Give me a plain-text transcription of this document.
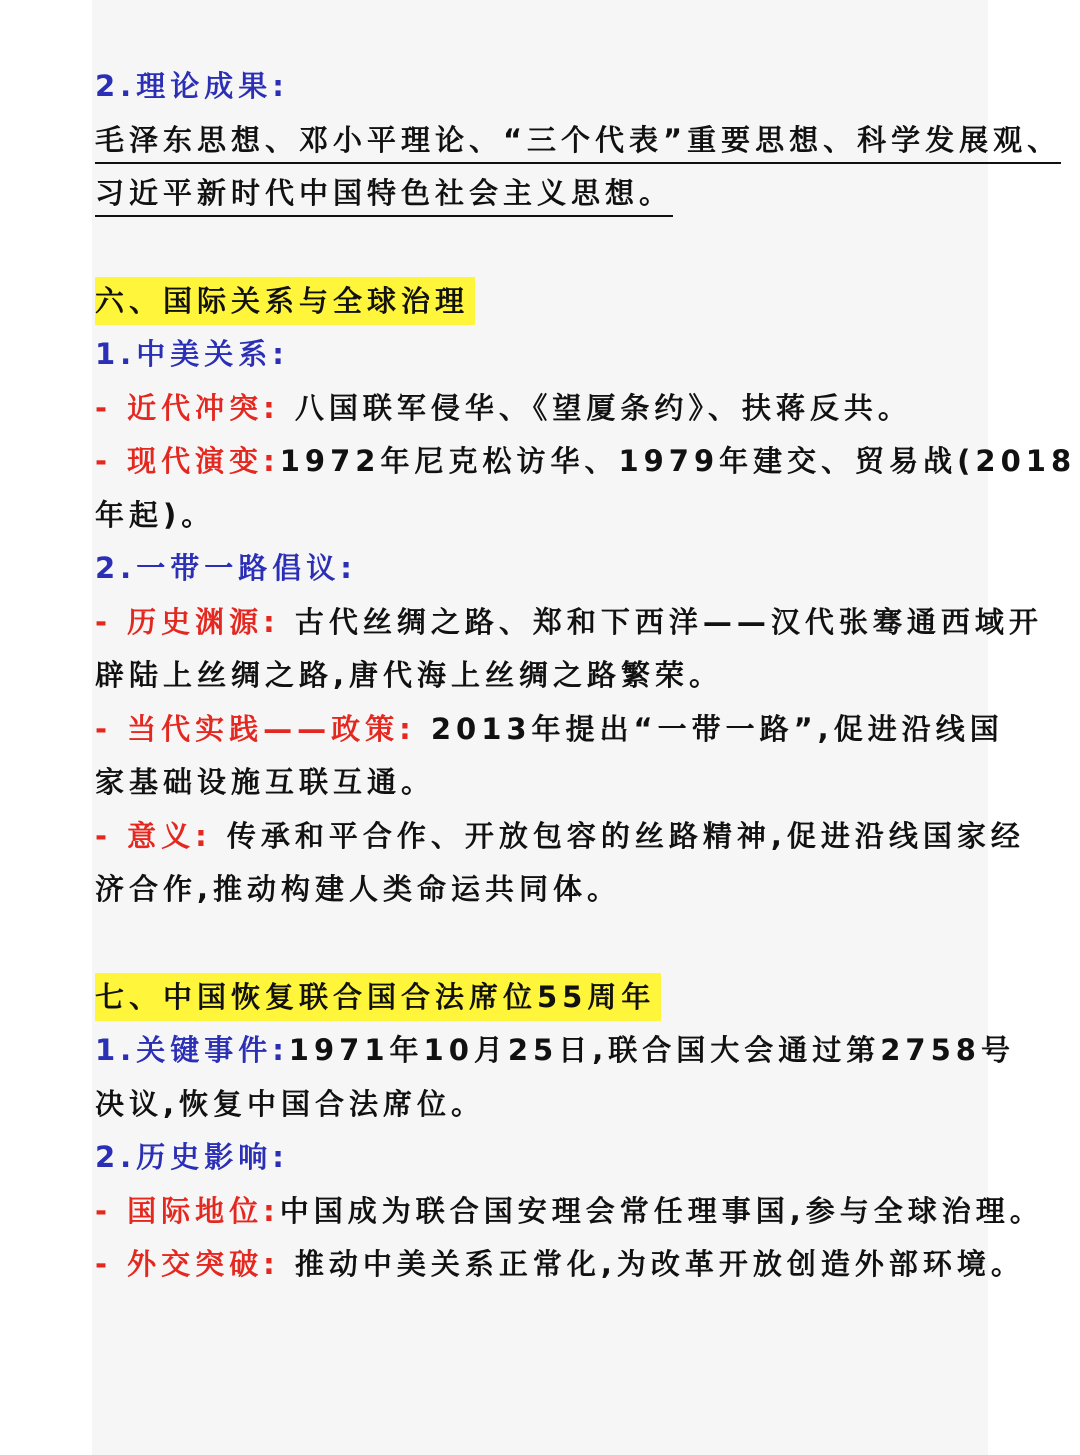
2.理论成果:
毛泽东思想、邓小平理论、“三个代表”重要思想、科学发展观、
习近平新时代中国特色社会主义思想。
六、国际关系与全球治理
1.中美关系:
- 近代冲突: 八国联军侵华、《望厦条约》、扶蒋反共。
- 现代演变:1972年尼克松访华、1979年建交、贸易战(2018
年起)。
2.一带一路倡议:
- 历史渊源: 古代丝绸之路、郑和下西洋——汉代张骞通西域开
辟陆上丝绸之路,唐代海上丝绸之路繁荣。
- 当代实践——政策: 2013年提出“一带一路”,促进沿线国
家基础设施互联互通。
- 意义: 传承和平合作、开放包容的丝路精神,促进沿线国家经
济合作,推动构建人类命运共同体。
七、中国恢复联合国合法席位55周年
1.关键事件:1971年10月25日,联合国大会通过第2758号
决议,恢复中国合法席位。
2.历史影响:
- 国际地位:中国成为联合国安理会常任理事国,参与全球治理。
- 外交突破: 推动中美关系正常化,为改革开放创造外部环境。
